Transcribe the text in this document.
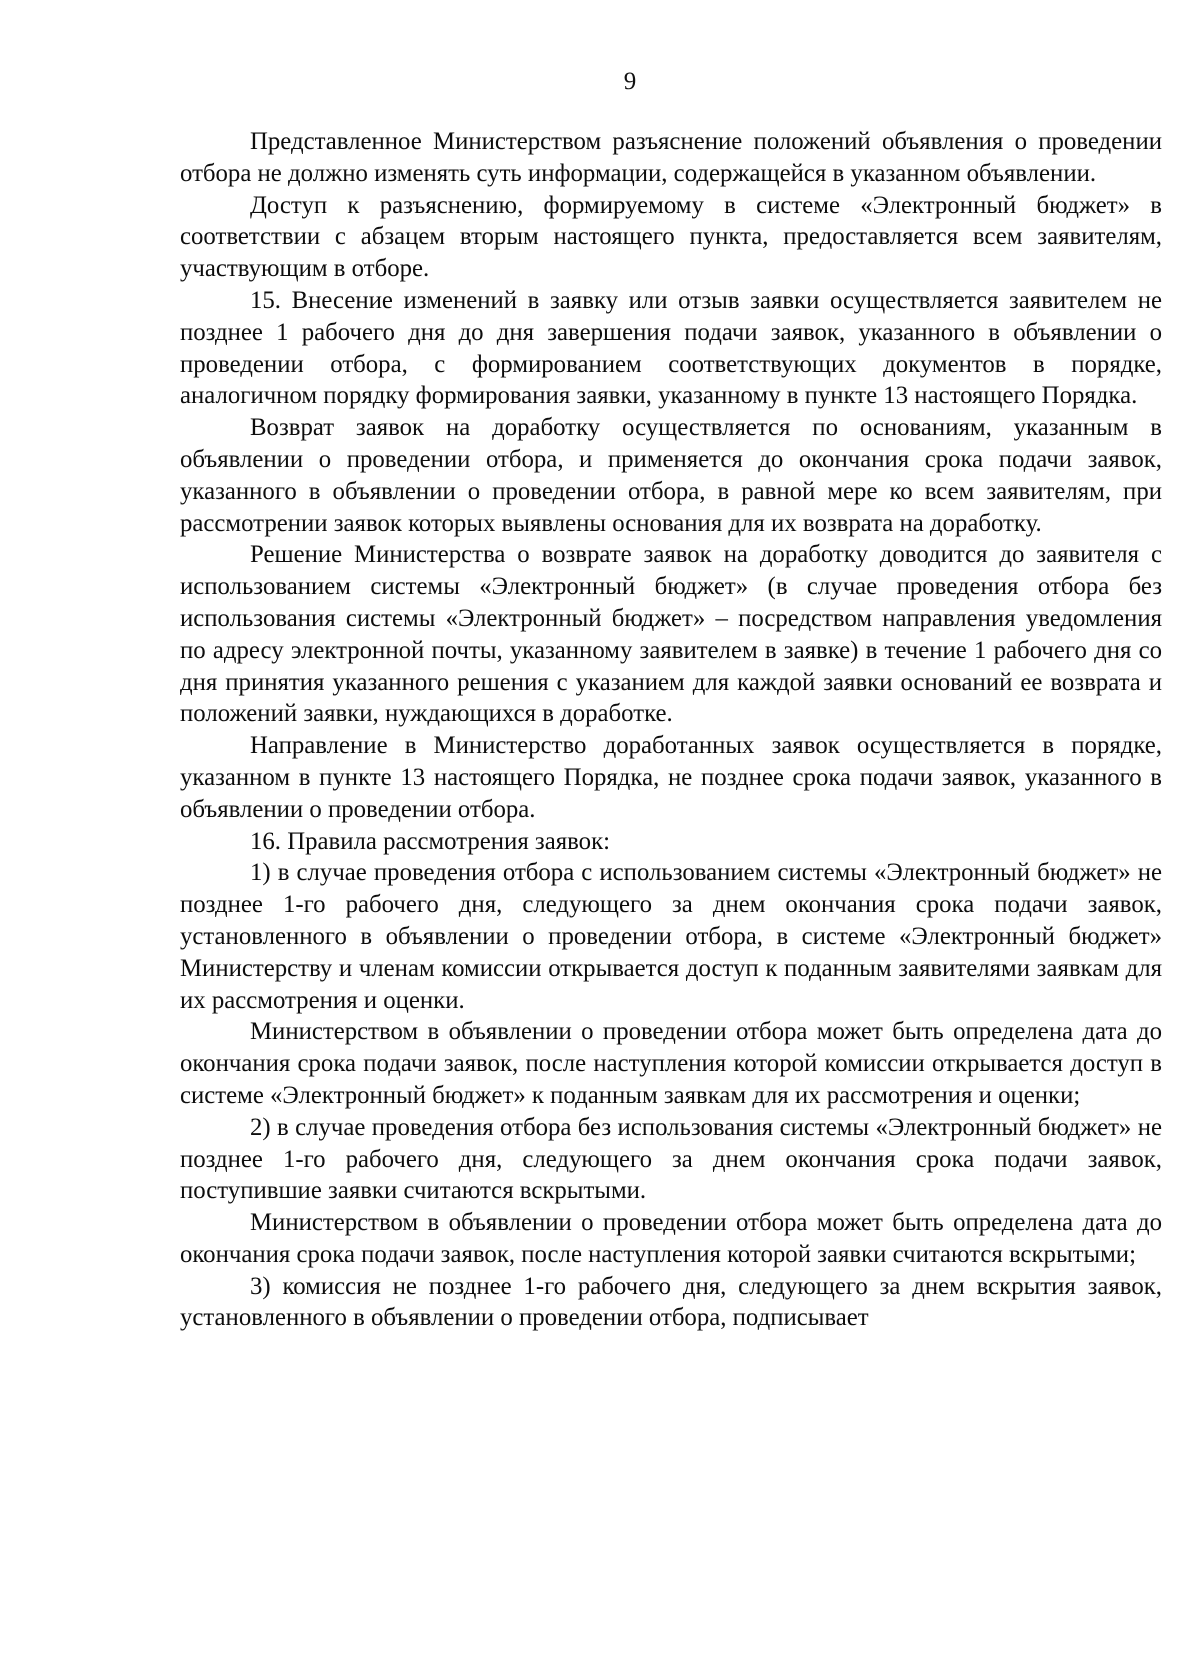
9

Представленное Министерством разъяснение положений объявления о проведении отбора не должно изменять суть информации, содержащейся в указанном объявлении.

Доступ к разъяснению, формируемому в системе «Электронный бюджет» в соответствии с абзацем вторым настоящего пункта, предоставляется всем заявителям, участвующим в отборе.

15. Внесение изменений в заявку или отзыв заявки осуществляется заявителем не позднее 1 рабочего дня до дня завершения подачи заявок, указанного в объявлении о проведении отбора, с формированием соответствующих документов в порядке, аналогичном порядку формирования заявки, указанному в пункте 13 настоящего Порядка.

Возврат заявок на доработку осуществляется по основаниям, указанным в объявлении о проведении отбора, и применяется до окончания срока подачи заявок, указанного в объявлении о проведении отбора, в равной мере ко всем заявителям, при рассмотрении заявок которых выявлены основания для их возврата на доработку.

Решение Министерства о возврате заявок на доработку доводится до заявителя с использованием системы «Электронный бюджет» (в случае проведения отбора без использования системы «Электронный бюджет» – посредством направления уведомления по адресу электронной почты, указанному заявителем в заявке) в течение 1 рабочего дня со дня принятия указанного решения с указанием для каждой заявки оснований ее возврата и положений заявки, нуждающихся в доработке.

Направление в Министерство доработанных заявок осуществляется в порядке, указанном в пункте 13 настоящего Порядка, не позднее срока подачи заявок, указанного в объявлении о проведении отбора.

16. Правила рассмотрения заявок:

1) в случае проведения отбора с использованием системы «Электронный бюджет» не позднее 1-го рабочего дня, следующего за днем окончания срока подачи заявок, установленного в объявлении о проведении отбора, в системе «Электронный бюджет» Министерству и членам комиссии открывается доступ к поданным заявителями заявкам для их рассмотрения и оценки.

Министерством в объявлении о проведении отбора может быть определена дата до окончания срока подачи заявок, после наступления которой комиссии открывается доступ в системе «Электронный бюджет» к поданным заявкам для их рассмотрения и оценки;

2) в случае проведения отбора без использования системы «Электронный бюджет» не позднее 1-го рабочего дня, следующего за днем окончания срока подачи заявок, поступившие заявки считаются вскрытыми.

Министерством в объявлении о проведении отбора может быть определена дата до окончания срока подачи заявок, после наступления которой заявки считаются вскрытыми;

3) комиссия не позднее 1-го рабочего дня, следующего за днем вскрытия заявок, установленного в объявлении о проведении отбора, подписывает
